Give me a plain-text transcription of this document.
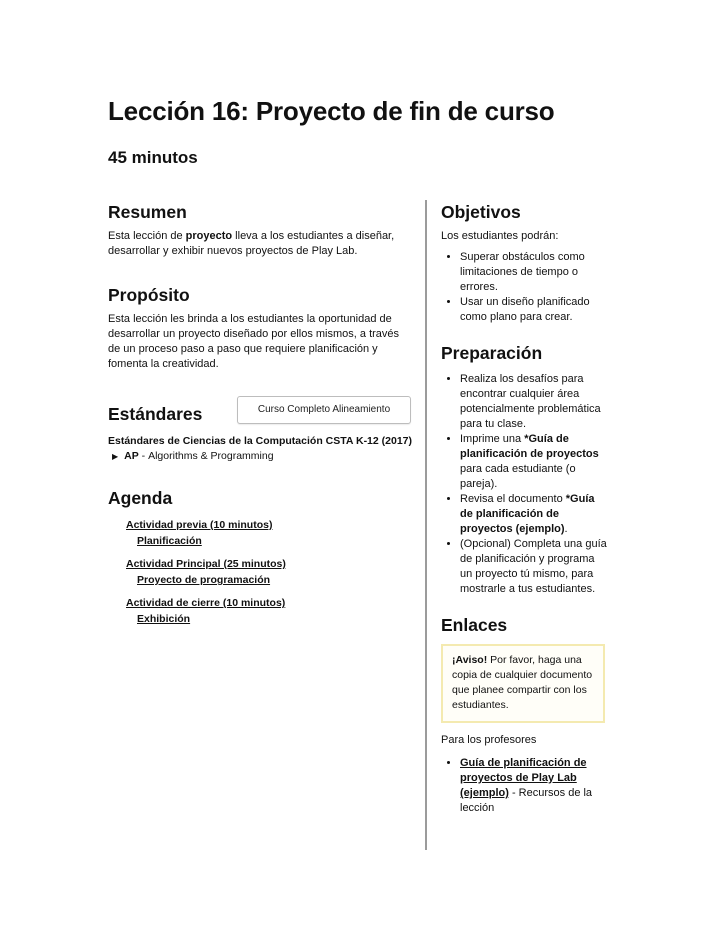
Lección 16: Proyecto de fin de curso
45 minutos
Resumen

Esta lección de proyecto lleva a los estudiantes a diseñar, desarrollar y exhibir nuevos proyectos de Play Lab.

Propósito

Esta lección les brinda a los estudiantes la oportunidad de desarrollar un proyecto diseñado por ellos mismos, a través de un proceso paso a paso que requiere planificación y fomenta la creatividad.

Estándares	Curso Completo Alineamiento
Estándares de Ciencias de la Computación CSTA K-12 (2017)
▶ AP - Algorithms & Programming
Agenda
Actividad previa (10 minutos)
Planificación
Actividad Principal (25 minutos)
Proyecto de programación
Actividad de cierre (10 minutos)
Exhibición
Objetivos

Los estudiantes podrán:

• Superar obstáculos como limitaciones de tiempo o errores.
• Usar un diseño planificado como plano para crear.
Preparación
• Realiza los desafíos para encontrar cualquier área potencialmente problemática para tu clase.
• Imprime una *Guía de planificación de proyectos para cada estudiante (o pareja).
• Revisa el documento *Guía de planificación de proyectos (ejemplo).
• (Opcional) Completa una guía de planificación y programa un proyecto tú mismo, para mostrarle a tus estudiantes.
Enlaces
¡Aviso! Por favor, haga una copia de cualquier documento que planee compartir con los estudiantes.

Para los profesores

• Guía de planificación de proyectos de Play Lab (ejemplo) - Recursos de la lección
